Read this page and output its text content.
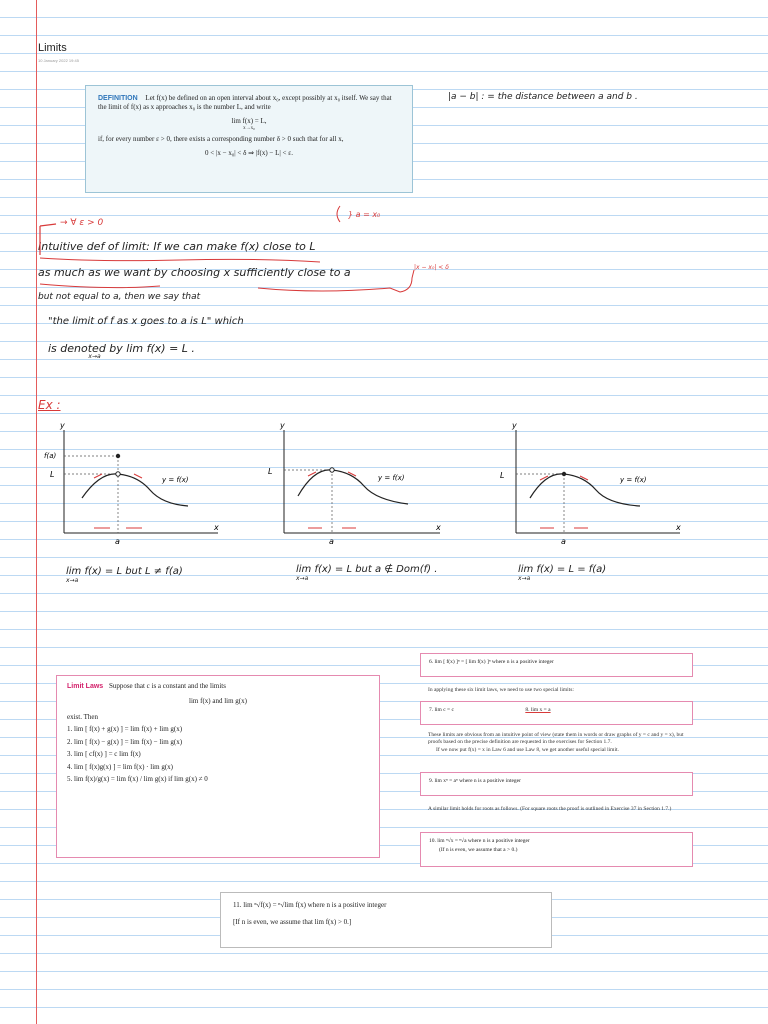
Limits
10 January 2022 19:45
DEFINITION Let f(x) be defined on an open interval about x₀, except possibly at x₀ itself. We say that the limit of f(x) as x approaches x₀ is the number L, and write
lim f(x) = L,
x→x₀
if, for every number ε > 0, there exists a corresponding number δ > 0 such that for all x,
0 < |x − x₀| < δ ⇒ |f(x) − L| < ε.
|a − b| : = the distance between a and b .
→ ∀ ε > 0
} a = x₀
|x − x₀| < δ
Intuitive def of limit: If we can make f(x) close to L
as much as we want by choosing x sufficiently close to a
but not equal to a, then we say that
"the limit of f as x goes to a is L" which
is denoted by lim f(x) = L . $_{x\to a}$
Ex :
y
x
a
L
f(a)
y = f(x)
lim f(x) = L but L ≠ f(a)
x→a
y
x
a
L
y = f(x)
lim f(x) = L but a ∉ Dom(f) .
x→a
y
x
a
L	y = f(x)
lim f(x) = L = f(a)
x→a
Limit Laws Suppose that c is a constant and the limits
lim f(x) and lim g(x)
exist. Then
1. lim [ f(x) + g(x) ] = lim f(x) + lim g(x)
2. lim [ f(x) − g(x) ] = lim f(x) − lim g(x)
3. lim [ cf(x) ] = c lim f(x)
4. lim [ f(x)g(x) ] = lim f(x) · lim g(x)
5. lim f(x)/g(x) = lim f(x) / lim g(x) if lim g(x) ≠ 0
6. lim [ f(x) ]ⁿ = [ lim f(x) ]ⁿ where n is a positive integer
In applying these six limit laws, we need to use two special limits:
7. lim c = c	8. lim x = a
These limits are obvious from an intuitive point of view (state them in words or draw graphs of y = c and y = x), but proofs based on the precise definition are requested in the exercises for Section 1.7.
If we now put f(x) = x in Law 6 and use Law 8, we get another useful special limit.
9. lim xⁿ = aⁿ where n is a positive integer
A similar limit holds for roots as follows. (For square roots the proof is outlined in Exercise 37 in Section 1.7.)
10. lim ⁿ√x = ⁿ√a where n is a positive integer
(If n is even, we assume that a > 0.)
11. lim ⁿ√f(x) = ⁿ√lim f(x) where n is a positive integer
[If n is even, we assume that lim f(x) > 0.]
